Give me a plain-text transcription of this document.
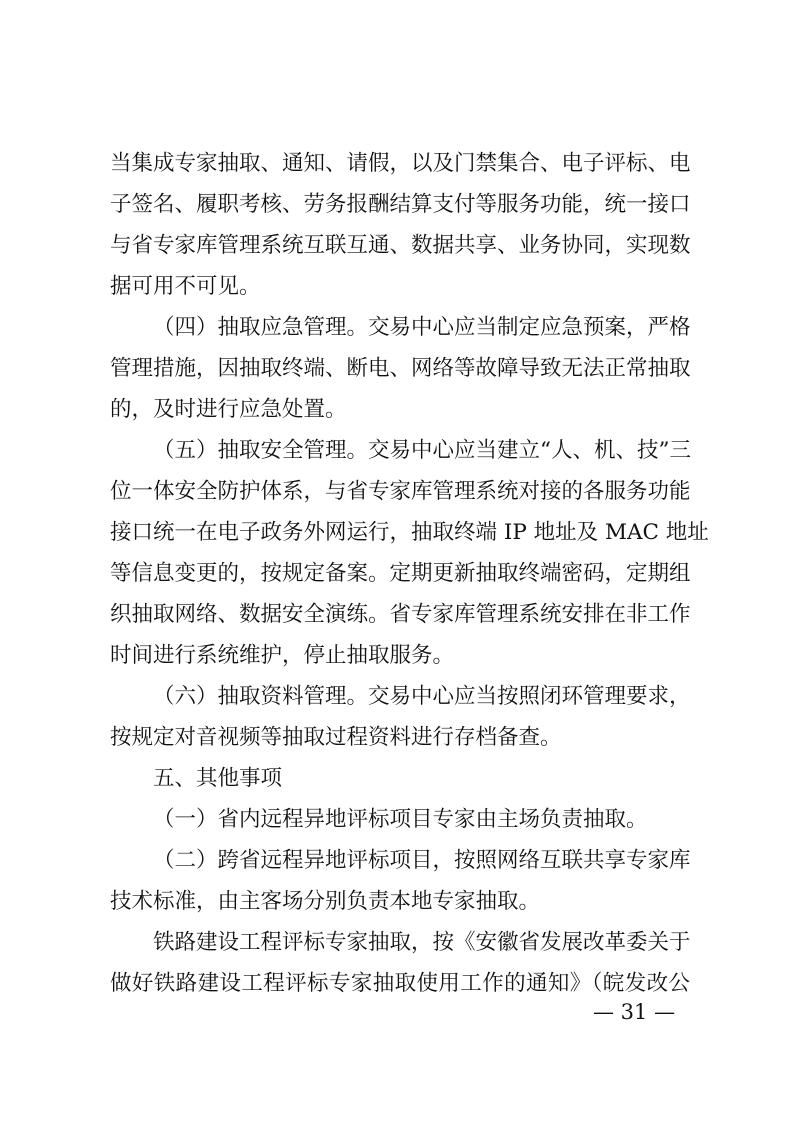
当集成专家抽取、通知、请假，以及门禁集合、电子评标、电
子签名、履职考核、劳务报酬结算支付等服务功能，统一接口
与省专家库管理系统互联互通、数据共享、业务协同，实现数
据可用不可见。
（四）抽取应急管理。交易中心应当制定应急预案，严格
管理措施，因抽取终端、断电、网络等故障导致无法正常抽取
的，及时进行应急处置。
（五）抽取安全管理。交易中心应当建立“人、机、技”三
位一体安全防护体系，与省专家库管理系统对接的各服务功能
接口统一在电子政务外网运行，抽取终端 IP 地址及 MAC 地址
等信息变更的，按规定备案。定期更新抽取终端密码，定期组
织抽取网络、数据安全演练。省专家库管理系统安排在非工作
时间进行系统维护，停止抽取服务。
（六）抽取资料管理。交易中心应当按照闭环管理要求，
按规定对音视频等抽取过程资料进行存档备查。
五、其他事项
（一）省内远程异地评标项目专家由主场负责抽取。
（二）跨省远程异地评标项目，按照网络互联共享专家库
技术标准，由主客场分别负责本地专家抽取。
铁路建设工程评标专家抽取，按《安徽省发展改革委关于
做好铁路建设工程评标专家抽取使用工作的通知》（皖发改公
— 31 —
